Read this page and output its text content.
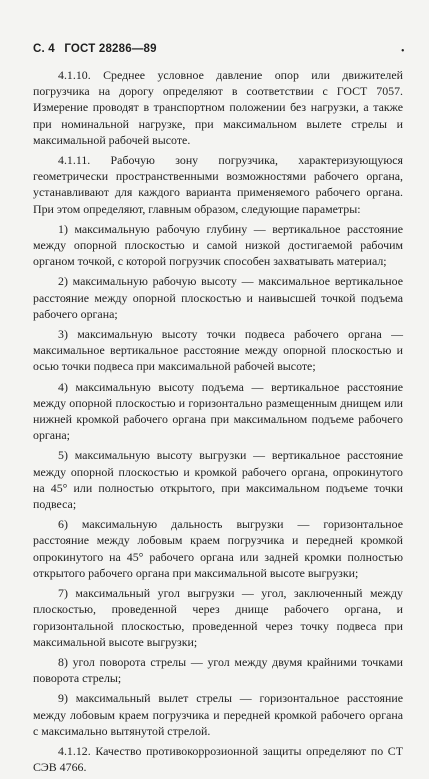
С. 4 ГОСТ 28286—89	•

4.1.10. Среднее условное давление опор или движителей погрузчика на дорогу определяют в соответствии с ГОСТ 7057. Измерение проводят в транспортном положении без нагрузки, а также при номинальной нагрузке, при максимальном вылете стрелы и максимальной рабочей высоте.

4.1.11. Рабочую зону погрузчика, характеризующуюся геометрически пространственными возможностями рабочего органа, устанавливают для каждого варианта применяемого рабочего органа. При этом определяют, главным образом, следующие параметры:

1) максимальную рабочую глубину — вертикальное расстояние между опорной плоскостью и самой низкой достигаемой рабочим органом точкой, с которой погрузчик способен захватывать материал;

2) максимальную рабочую высоту — максимальное вертикальное расстояние между опорной плоскостью и наивысшей точкой подъема рабочего органа;

3) максимальную высоту точки подвеса рабочего органа — максимальное вертикальное расстояние между опорной плоскостью и осью точки подвеса при максимальной рабочей высоте;

4) максимальную высоту подъема — вертикальное расстояние между опорной плоскостью и горизонтально размещенным днищем или нижней кромкой рабочего органа при максимальном подъеме рабочего органа;

5) максимальную высоту выгрузки — вертикальное расстояние между опорной плоскостью и кромкой рабочего органа, опрокинутого на 45° или полностью открытого, при максимальном подъеме точки подвеса;

6) максимальную дальность выгрузки — горизонтальное расстояние между лобовым краем погрузчика и передней кромкой опрокинутого на 45° рабочего органа или задней кромки полностью открытого рабочего органа при максимальной высоте выгрузки;

7) максимальный угол выгрузки — угол, заключенный между плоскостью, проведенной через днище рабочего органа, и горизонтальной плоскостью, проведенной через точку подвеса при максимальной высоте выгрузки;

8) угол поворота стрелы — угол между двумя крайними точками поворота стрелы;

9) максимальный вылет стрелы — горизонтальное расстояние между лобовым краем погрузчика и передней кромкой рабочего органа с максимально вытянутой стрелой.

4.1.12. Качество противокоррозионной защиты определяют по СТ СЭВ 4766.
